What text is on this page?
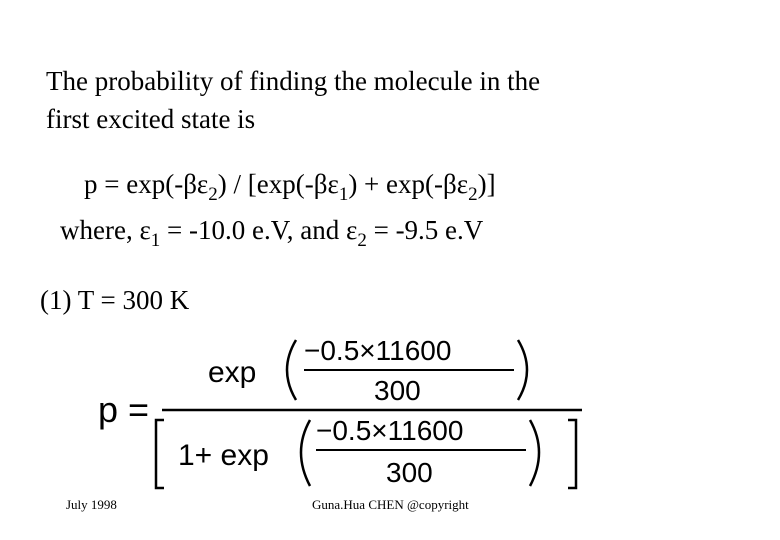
The probability of finding the molecule in the
first excited state is
$p = \exp(-\beta\varepsilon_2) / [\exp(-\beta\varepsilon_1) + \exp(-\beta\varepsilon_2)]$
where, $\varepsilon_1 = -10.0$ e.V, and $\varepsilon_2 = -9.5$ e.V
(1) T = 300 K
p =
exp
−0.5×11600
300
1+ exp
−0.5×11600
300
July 1998	Guna.Hua CHEN @copyright
